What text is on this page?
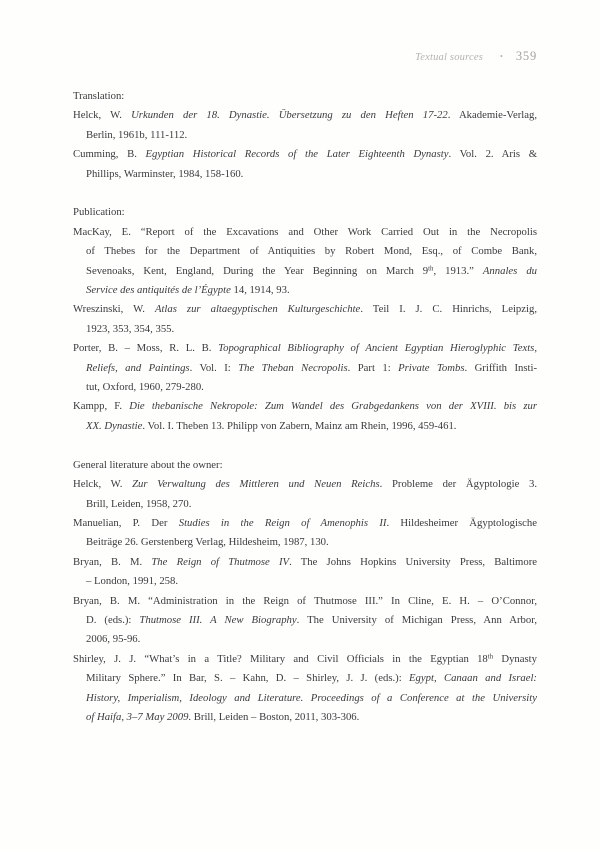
Textual sources • 359
Translation:
Helck, W. Urkunden der 18. Dynastie. Übersetzung zu den Heften 17-22. Akademie-Verlag,
Berlin, 1961b, 111-112.
Cumming, B. Egyptian Historical Records of the Later Eighteenth Dynasty. Vol. 2. Aris &
Phillips, Warminster, 1984, 158-160.
Publication:
MacKay, E. “Report of the Excavations and Other Work Carried Out in the Necropolis
of Thebes for the Department of Antiquities by Robert Mond, Esq., of Combe Bank,
Sevenoaks, Kent, England, During the Year Beginning on March 9th, 1913.” Annales du
Service des antiquités de l’Égypte 14, 1914, 93.
Wreszinski, W. Atlas zur altaegyptischen Kulturgeschichte. Teil I. J. C. Hinrichs, Leipzig,
1923, 353, 354, 355.
Porter, B. – Moss, R. L. B. Topographical Bibliography of Ancient Egyptian Hieroglyphic Texts,
Reliefs, and Paintings. Vol. I: The Theban Necropolis. Part 1: Private Tombs. Griffith Insti-
tut, Oxford, 1960, 279-280.
Kampp, F. Die thebanische Nekropole: Zum Wandel des Grabgedankens von der XVIII. bis zur
XX. Dynastie. Vol. I. Theben 13. Philipp von Zabern, Mainz am Rhein, 1996, 459-461.
General literature about the owner:
Helck, W. Zur Verwaltung des Mittleren und Neuen Reichs. Probleme der Ägyptologie 3.
Brill, Leiden, 1958, 270.
Manuelian, P. Der Studies in the Reign of Amenophis II. Hildesheimer Ägyptologische
Beiträge 26. Gerstenberg Verlag, Hildesheim, 1987, 130.
Bryan, B. M. The Reign of Thutmose IV. The Johns Hopkins University Press, Baltimore
– London, 1991, 258.
Bryan, B. M. “Administration in the Reign of Thutmose III.” In Cline, E. H. – O’Connor,
D. (eds.): Thutmose III. A New Biography. The University of Michigan Press, Ann Arbor,
2006, 95-96.
Shirley, J. J. “What’s in a Title? Military and Civil Officials in the Egyptian 18th Dynasty
Military Sphere.” In Bar, S. – Kahn, D. – Shirley, J. J. (eds.): Egypt, Canaan and Israel:
History, Imperialism, Ideology and Literature. Proceedings of a Conference at the University
of Haifa, 3–7 May 2009. Brill, Leiden – Boston, 2011, 303-306.
